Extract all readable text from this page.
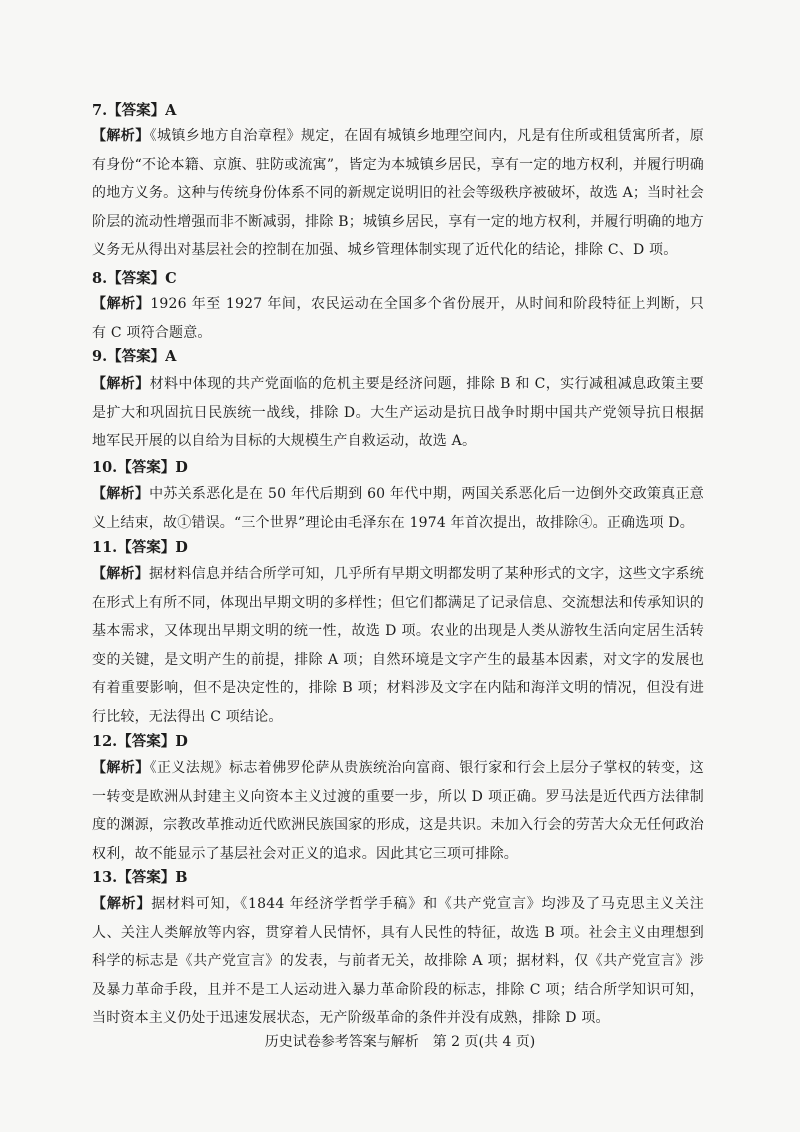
7.【答案】A
【解析】《城镇乡地方自治章程》规定，在固有城镇乡地理空间内，凡是有住所或租赁寓所者，原有身份“不论本籍、京旗、驻防或流寓”，皆定为本城镇乡居民，享有一定的地方权利，并履行明确的地方义务。这种与传统身份体系不同的新规定说明旧的社会等级秩序被破坏，故选 A；当时社会阶层的流动性增强而非不断减弱，排除 B；城镇乡居民，享有一定的地方权利，并履行明确的地方义务无从得出对基层社会的控制在加强、城乡管理体制实现了近代化的结论，排除 C、D 项。
8.【答案】C
【解析】1926 年至 1927 年间，农民运动在全国多个省份展开，从时间和阶段特征上判断，只有 C 项符合题意。
9.【答案】A
【解析】材料中体现的共产党面临的危机主要是经济问题，排除 B 和 C，实行减租减息政策主要是扩大和巩固抗日民族统一战线，排除 D。大生产运动是抗日战争时期中国共产党领导抗日根据地军民开展的以自给为目标的大规模生产自救运动，故选 A。
10.【答案】D
【解析】中苏关系恶化是在 50 年代后期到 60 年代中期，两国关系恶化后一边倒外交政策真正意义上结束，故①错误。“三个世界”理论由毛泽东在 1974 年首次提出，故排除④。正确选项 D。
11.【答案】D
【解析】据材料信息并结合所学可知，几乎所有早期文明都发明了某种形式的文字，这些文字系统在形式上有所不同，体现出早期文明的多样性；但它们都满足了记录信息、交流想法和传承知识的基本需求，又体现出早期文明的统一性，故选 D 项。农业的出现是人类从游牧生活向定居生活转变的关键，是文明产生的前提，排除 A 项；自然环境是文字产生的最基本因素，对文字的发展也有着重要影响，但不是决定性的，排除 B 项；材料涉及文字在内陆和海洋文明的情况，但没有进行比较，无法得出 C 项结论。
12.【答案】D
【解析】《正义法规》标志着佛罗伦萨从贵族统治向富商、银行家和行会上层分子掌权的转变，这一转变是欧洲从封建主义向资本主义过渡的重要一步，所以 D 项正确。罗马法是近代西方法律制度的渊源，宗教改革推动近代欧洲民族国家的形成，这是共识。未加入行会的劳苦大众无任何政治权利，故不能显示了基层社会对正义的追求。因此其它三项可排除。
13.【答案】B
【解析】据材料可知，《1844 年经济学哲学手稿》和《共产党宣言》均涉及了马克思主义关注人、关注人类解放等内容，贯穿着人民情怀，具有人民性的特征，故选 B 项。社会主义由理想到科学的标志是《共产党宣言》的发表，与前者无关，故排除 A 项；据材料，仅《共产党宣言》涉及暴力革命手段，且并不是工人运动进入暴力革命阶段的标志，排除 C 项；结合所学知识可知，当时资本主义仍处于迅速发展状态，无产阶级革命的条件并没有成熟，排除 D 项。
历史试卷参考答案与解析　第 2 页(共 4 页)
